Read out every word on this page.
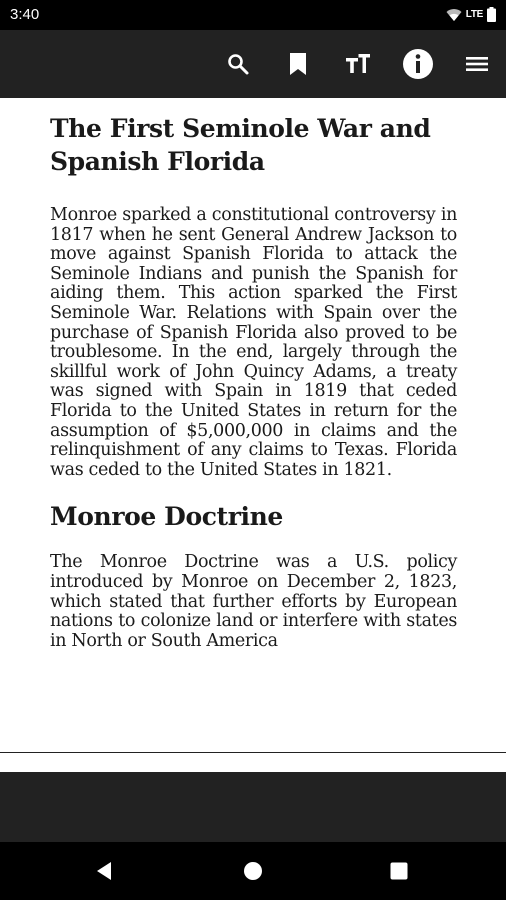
3:40	LTE
The First Seminole War and Spanish Florida

Monroe sparked a constitutional controversy in 1817 when he sent General Andrew Jackson to move against Spanish Florida to attack the Seminole Indians and punish the Spanish for aiding them. This action sparked the First Seminole War. Relations with Spain over the purchase of Spanish Florida also proved to be troublesome. In the end, largely through the skillful work of John Quincy Adams, a treaty was signed with Spain in 1819 that ceded Florida to the United States in return for the assumption of $5,000,000 in claims and the relinquishment of any claims to Texas. Florida was ceded to the United States in 1821.

Monroe Doctrine

The Monroe Doctrine was a U.S. policy introduced by Monroe on December 2, 1823, which stated that further efforts by European nations to colonize land or interfere with states in North or South America
